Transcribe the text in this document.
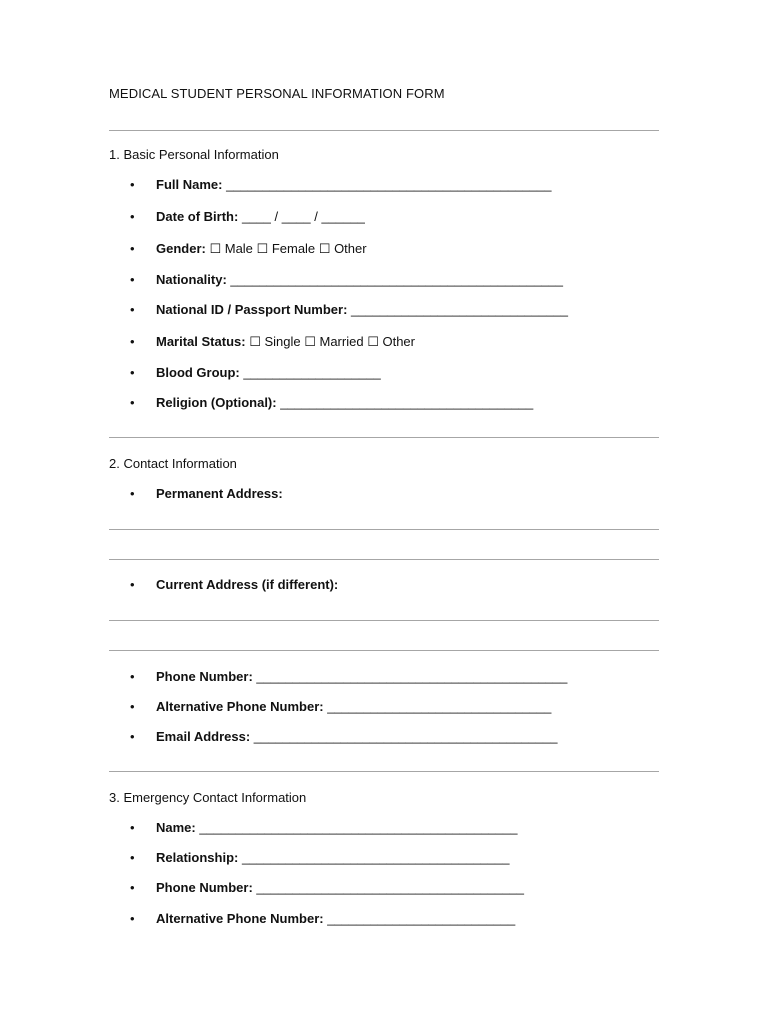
MEDICAL STUDENT PERSONAL INFORMATION FORM
1. Basic Personal Information
• Full Name: _____________________________________________
• Date of Birth: ____ / ____ / ______
• Gender: ☐ Male ☐ Female ☐ Other
• Nationality: ______________________________________________
• National ID / Passport Number: ______________________________
• Marital Status: ☐ Single ☐ Married ☐ Other
• Blood Group: ___________________
• Religion (Optional): ___________________________________
2. Contact Information
• Permanent Address:
• Current Address (if different):
• Phone Number: ___________________________________________
• Alternative Phone Number: _______________________________
• Email Address: __________________________________________
3. Emergency Contact Information
• Name: ____________________________________________
• Relationship: _____________________________________
• Phone Number: _____________________________________
• Alternative Phone Number: __________________________
